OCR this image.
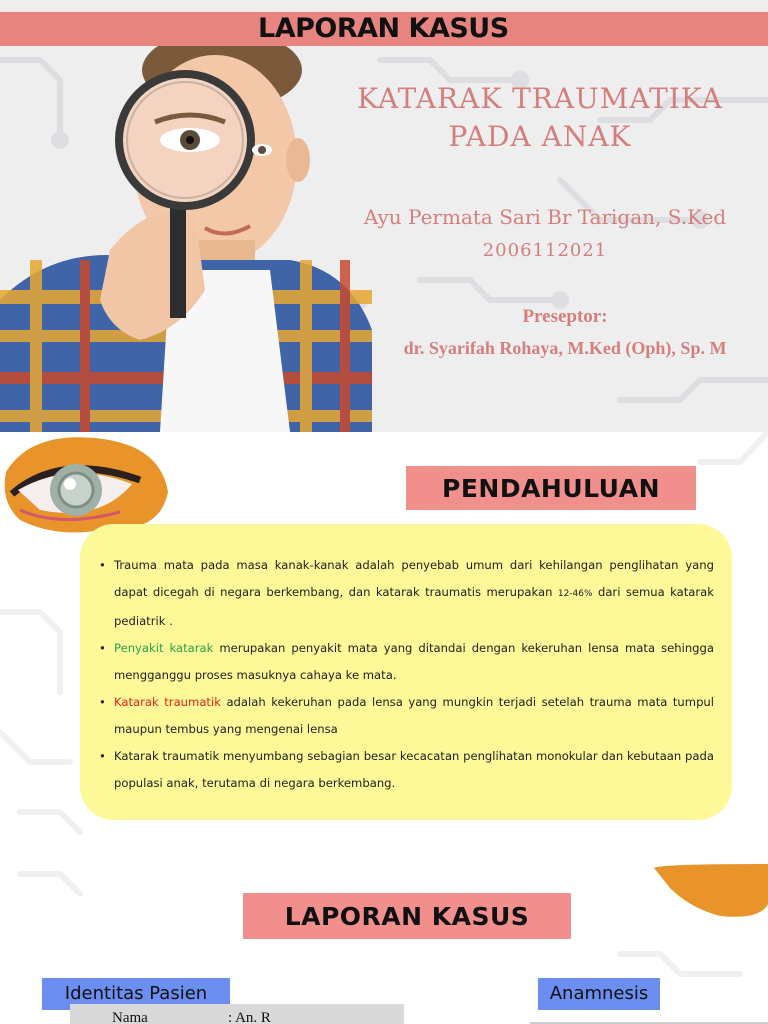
LAPORAN KASUS
KATARAK TRAUMATIKA
PADA ANAK
Ayu Permata Sari Br Tarigan, S.Ked
2006112021
Preseptor:
dr. Syarifah Rohaya, M.Ked (Oph), Sp. M
PENDAHULUAN
• Trauma mata pada masa kanak-kanak adalah penyebab umum dari kehilangan penglihatan yang dapat dicegah di negara berkembang, dan katarak traumatis merupakan 12-46% dari semua katarak pediatrik .
• Penyakit katarak merupakan penyakit mata yang ditandai dengan kekeruhan lensa mata sehingga mengganggu proses masuknya cahaya ke mata.
• Katarak traumatik adalah kekeruhan pada lensa yang mungkin terjadi setelah trauma mata tumpul maupun tembus yang mengenai lensa
• Katarak traumatik menyumbang sebagian besar kecacatan penglihatan monokular dan kebutaan pada populasi anak, terutama di negara berkembang.
LAPORAN KASUS
Identitas Pasien	Anamnesis
Nama	: An. R
